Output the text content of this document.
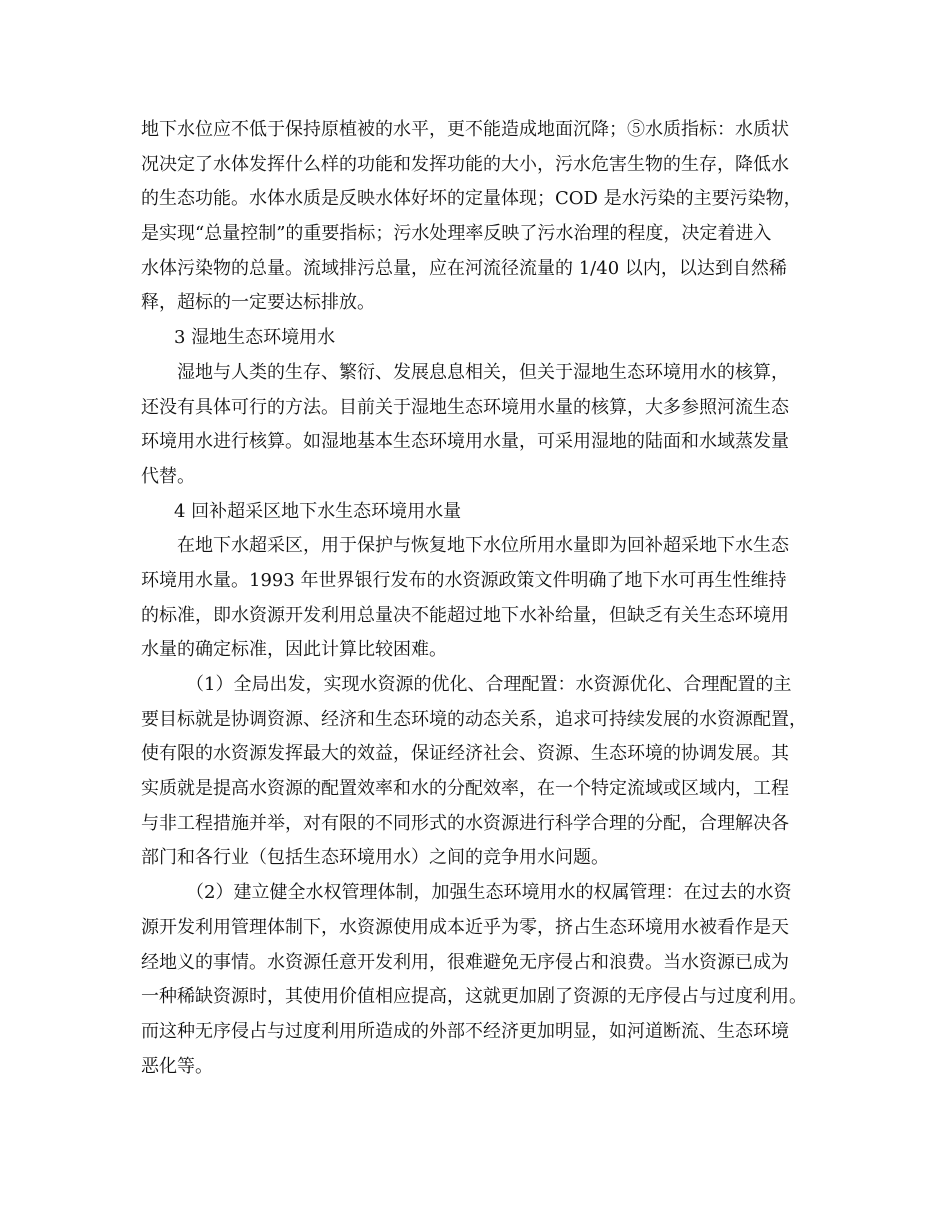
地下水位应不低于保持原植被的水平，更不能造成地面沉降；⑤水质指标：水质状
况决定了水体发挥什么样的功能和发挥功能的大小，污水危害生物的生存，降低水
的生态功能。水体水质是反映水体好坏的定量体现；COD 是水污染的主要污染物，
是实现“总量控制”的重要指标；污水处理率反映了污水治理的程度，决定着进入
水体污染物的总量。流域排污总量，应在河流径流量的 1/40 以内，以达到自然稀
释，超标的一定要达标排放。
3 湿地生态环境用水
湿地与人类的生存、繁衍、发展息息相关，但关于湿地生态环境用水的核算，
还没有具体可行的方法。目前关于湿地生态环境用水量的核算，大多参照河流生态
环境用水进行核算。如湿地基本生态环境用水量，可采用湿地的陆面和水域蒸发量
代替。
4 回补超采区地下水生态环境用水量
在地下水超采区，用于保护与恢复地下水位所用水量即为回补超采地下水生态
环境用水量。1993 年世界银行发布的水资源政策文件明确了地下水可再生性维持
的标准，即水资源开发利用总量决不能超过地下水补给量，但缺乏有关生态环境用
水量的确定标准，因此计算比较困难。
（1）全局出发，实现水资源的优化、合理配置：水资源优化、合理配置的主
要目标就是协调资源、经济和生态环境的动态关系，追求可持续发展的水资源配置，
使有限的水资源发挥最大的效益，保证经济社会、资源、生态环境的协调发展。其
实质就是提高水资源的配置效率和水的分配效率，在一个特定流域或区域内，工程
与非工程措施并举，对有限的不同形式的水资源进行科学合理的分配，合理解决各
部门和各行业（包括生态环境用水）之间的竞争用水问题。
（2）建立健全水权管理体制，加强生态环境用水的权属管理：在过去的水资
源开发利用管理体制下，水资源使用成本近乎为零，挤占生态环境用水被看作是天
经地义的事情。水资源任意开发利用，很难避免无序侵占和浪费。当水资源已成为
一种稀缺资源时，其使用价值相应提高，这就更加剧了资源的无序侵占与过度利用。
而这种无序侵占与过度利用所造成的外部不经济更加明显，如河道断流、生态环境
恶化等。
